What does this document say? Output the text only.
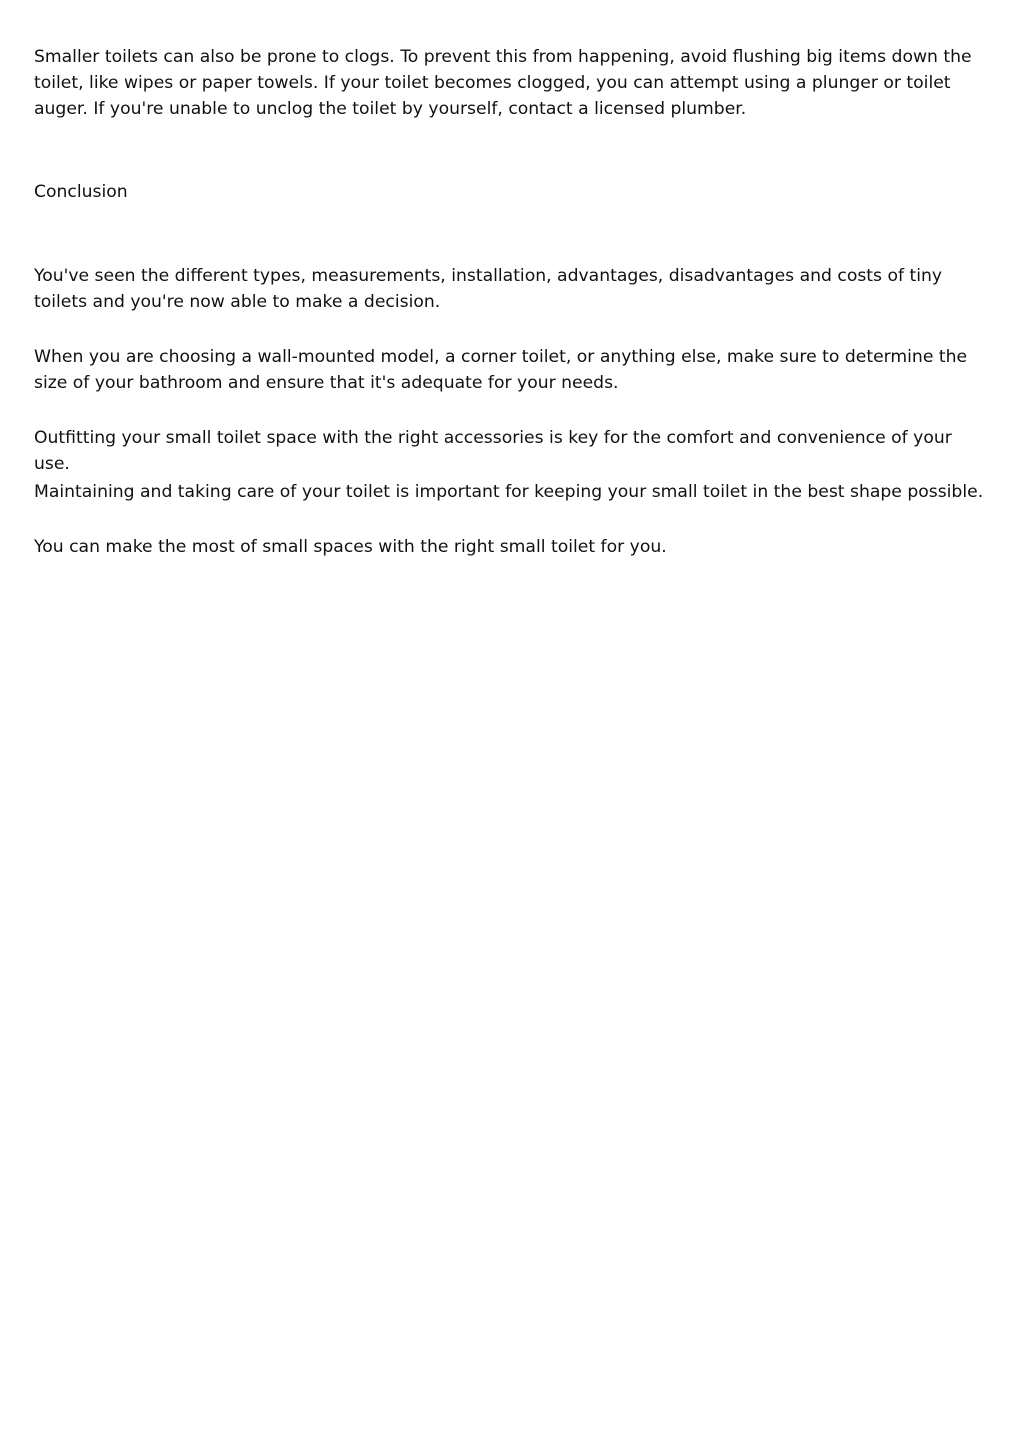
Smaller toilets can also be prone to clogs. To prevent this from happening, avoid flushing big items down the toilet, like wipes or paper towels. If your toilet becomes clogged, you can attempt using a plunger or toilet auger. If you're unable to unclog the toilet by yourself, contact a licensed plumber.

Conclusion

You've seen the different types, measurements, installation, advantages, disadvantages and costs of tiny toilets and you're now able to make a decision.

When you are choosing a wall-mounted model, a corner toilet, or anything else, make sure to determine the size of your bathroom and ensure that it's adequate for your needs.

Outfitting your small toilet space with the right accessories is key for the comfort and convenience of your use.

Maintaining and taking care of your toilet is important for keeping your small toilet in the best shape possible.

You can make the most of small spaces with the right small toilet for you.
